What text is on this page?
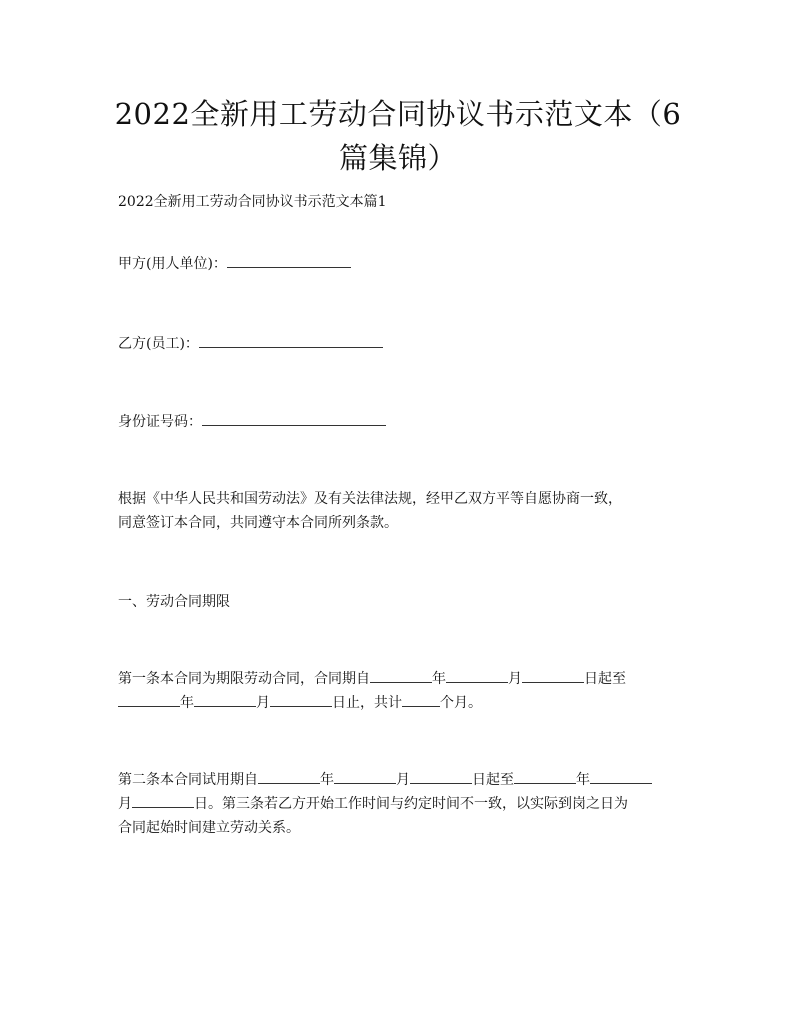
2022全新用工劳动合同协议书示范文本（6
篇集锦）

2022全新用工劳动合同协议书示范文本篇1

甲方(用人单位)：

乙方(员工)：

身份证号码：

根据《中华人民共和国劳动法》及有关法律法规，经甲乙双方平等自愿协商一致，
同意签订本合同，共同遵守本合同所列条款。

一、劳动合同期限

第一条本合同为期限劳动合同，合同期自	年	月	日起至
年	月	日止，共计	个月。

第二条本合同试用期自	年	月	日起至	年
月	日。第三条若乙方开始工作时间与约定时间不一致，以实际到岗之日为
合同起始时间建立劳动关系。
